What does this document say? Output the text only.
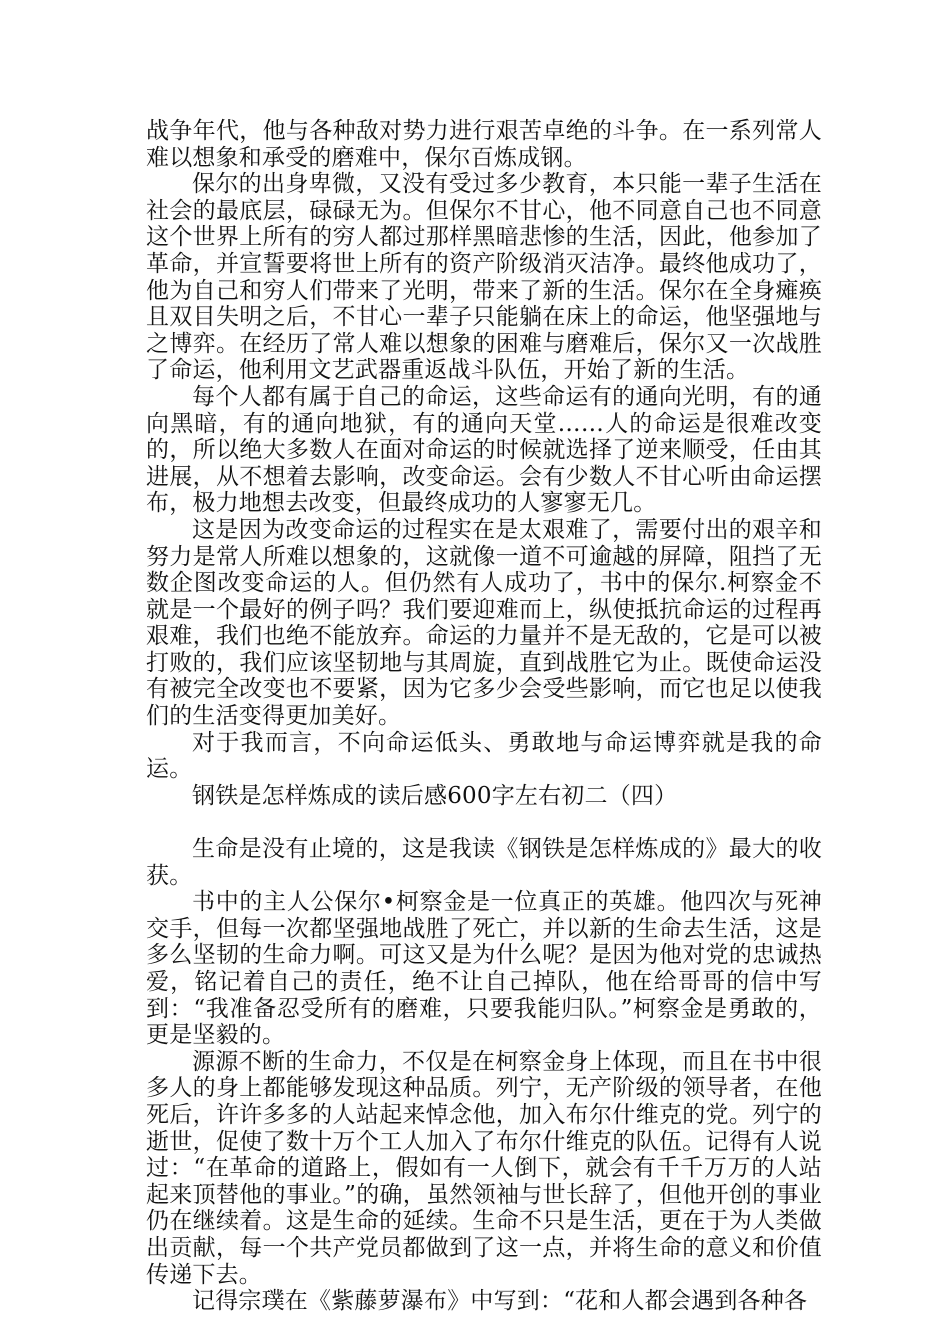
战争年代，他与各种敌对势力进行艰苦卓绝的斗争。在一系列常人难以想象和承受的磨难中，保尔百炼成钢。

保尔的出身卑微，又没有受过多少教育，本只能一辈子生活在社会的最底层，碌碌无为。但保尔不甘心，他不同意自己也不同意这个世界上所有的穷人都过那样黑暗悲惨的生活，因此，他参加了革命，并宣誓要将世上所有的资产阶级消灭洁净。最终他成功了，他为自己和穷人们带来了光明，带来了新的生活。保尔在全身瘫痪且双目失明之后，不甘心一辈子只能躺在床上的命运，他坚强地与之博弈。在经历了常人难以想象的困难与磨难后，保尔又一次战胜了命运，他利用文艺武器重返战斗队伍，开始了新的生活。

每个人都有属于自己的命运，这些命运有的通向光明，有的通向黑暗，有的通向地狱，有的通向天堂……人的命运是很难改变的，所以绝大多数人在面对命运的时候就选择了逆来顺受，任由其进展，从不想着去影响，改变命运。会有少数人不甘心听由命运摆布，极力地想去改变，但最终成功的人寥寥无几。

这是因为改变命运的过程实在是太艰难了，需要付出的艰辛和努力是常人所难以想象的，这就像一道不可逾越的屏障，阻挡了无数企图改变命运的人。但仍然有人成功了，书中的保尔.柯察金不就是一个最好的例子吗？我们要迎难而上，纵使抵抗命运的过程再艰难，我们也绝不能放弃。命运的力量并不是无敌的，它是可以被打败的，我们应该坚韧地与其周旋，直到战胜它为止。既使命运没有被完全改变也不要紧，因为它多少会受些影响，而它也足以使我们的生活变得更加美好。

对于我而言，不向命运低头、勇敢地与命运博弈就是我的命运。

钢铁是怎样炼成的读后感600字左右初二（四）

生命是没有止境的，这是我读《钢铁是怎样炼成的》最大的收获。

书中的主人公保尔•柯察金是一位真正的英雄。他四次与死神交手，但每一次都坚强地战胜了死亡，并以新的生命去生活，这是多么坚韧的生命力啊。可这又是为什么呢？是因为他对党的忠诚热爱，铭记着自己的责任，绝不让自己掉队，他在给哥哥的信中写到：“我准备忍受所有的磨难，只要我能归队。”柯察金是勇敢的，更是坚毅的。

源源不断的生命力，不仅是在柯察金身上体现，而且在书中很多人的身上都能够发现这种品质。列宁，无产阶级的领导者，在他死后，许许多多的人站起来悼念他，加入布尔什维克的党。列宁的逝世，促使了数十万个工人加入了布尔什维克的队伍。记得有人说过：“在革命的道路上，假如有一人倒下，就会有千千万万的人站起来顶替他的事业。”的确，虽然领袖与世长辞了，但他开创的事业仍在继续着。这是生命的延续。生命不只是生活，更在于为人类做出贡献，每一个共产党员都做到了这一点，并将生命的意义和价值传递下去。

记得宗璞在《紫藤萝瀑布》中写到：“花和人都会遇到各种各
